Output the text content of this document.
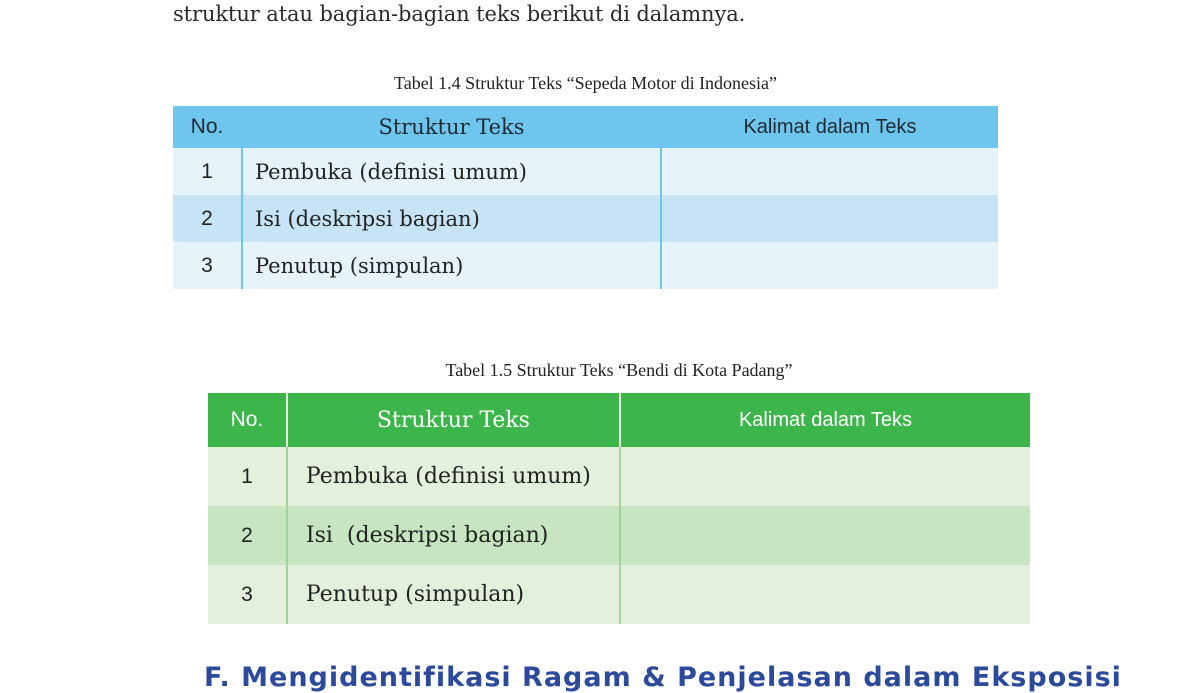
struktur atau bagian-bagian teks berikut di dalamnya.
Tabel 1.4 Struktur Teks “Sepeda Motor di Indonesia”
No.	Struktur Teks	Kalimat dalam Teks
1	Pembuka (definisi umum)	
2	Isi (deskripsi bagian)	
3	Penutup (simpulan)	
Tabel 1.5 Struktur Teks “Bendi di Kota Padang”
No.	Struktur Teks	Kalimat dalam Teks
1	Pembuka (definisi umum)	
2	Isi  (deskripsi bagian)	
3	Penutup (simpulan)	
F. Mengidentifikasi Ragam & Penjelasan dalam Eksposisi
